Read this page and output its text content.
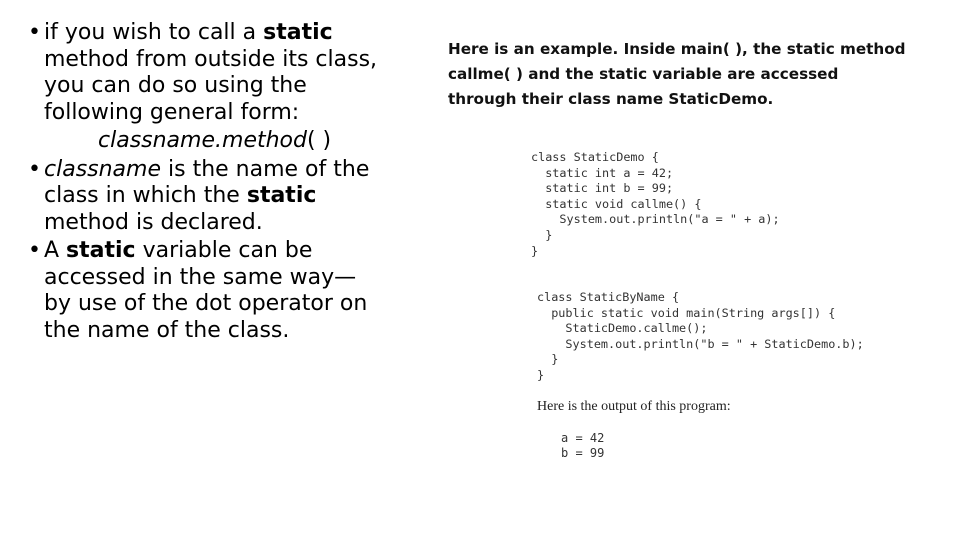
• if you wish to call a static method from outside its class, you can do so using the following general form:
classname.method( )
• classname is the name of the class in which the static method is declared.
• A static variable can be accessed in the same way—by use of the dot operator on the name of the class.
Here is an example. Inside main( ), the static method callme( ) and the static variable are accessed through their class name StaticDemo.
class StaticDemo {
static int a = 42;
static int b = 99;
static void callme() {
System.out.println("a = " + a);
}
}
class StaticByName {
public static void main(String args[]) {
StaticDemo.callme();
System.out.println("b = " + StaticDemo.b);
}
}
Here is the output of this program:
a = 42
b = 99
